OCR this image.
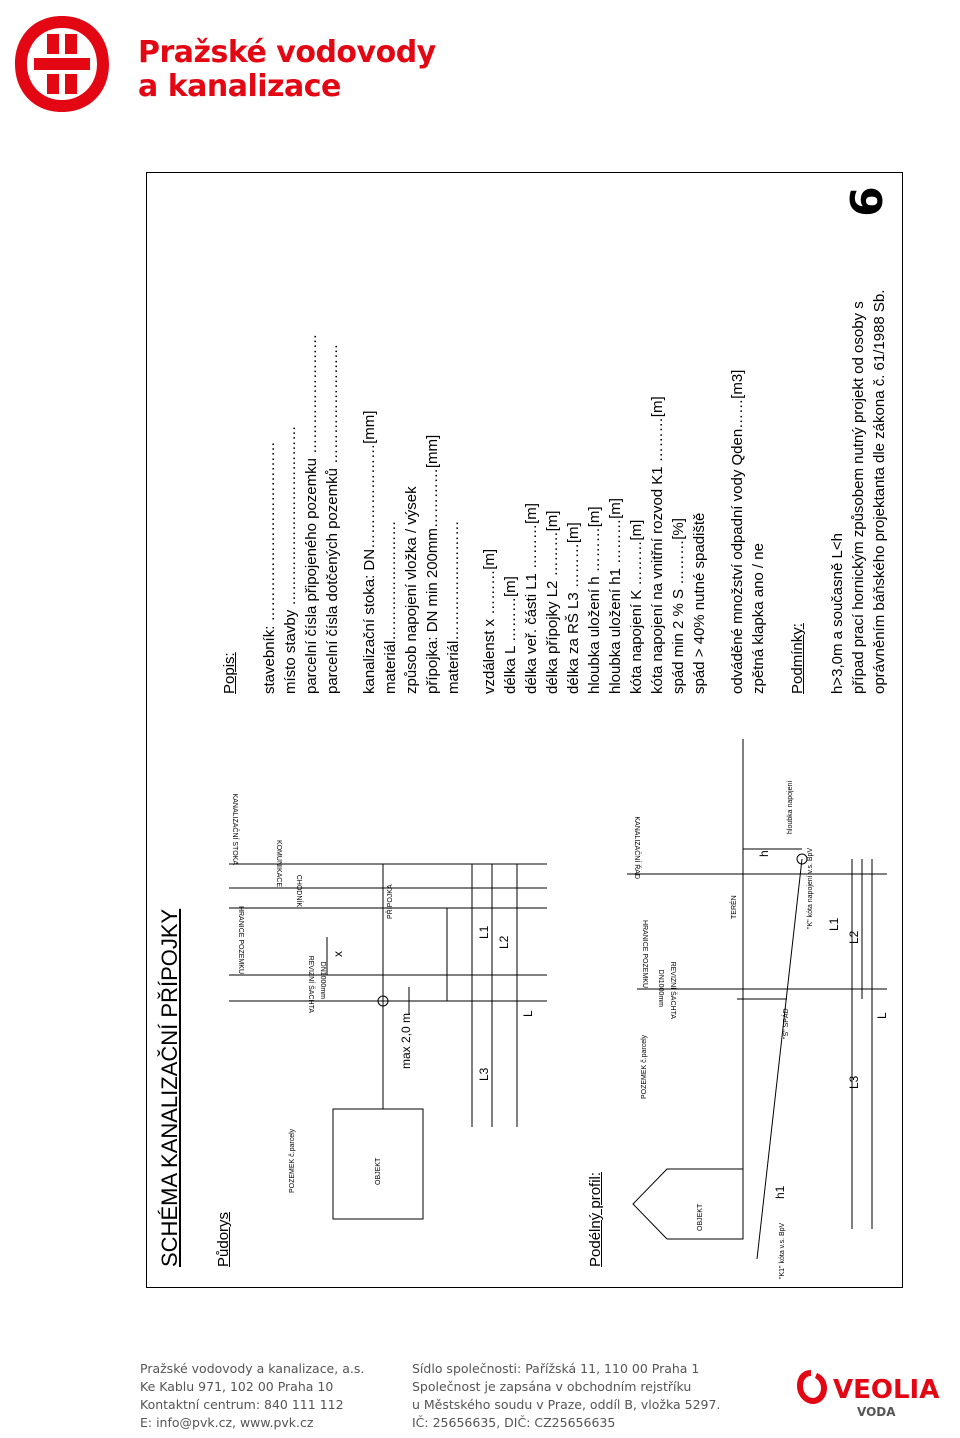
Pražské vodovody
a kanalizace
6
SCHÉMA KANALIZAČNÍ PŘÍPOJKY Půdorys	Podélný profil:
KANALIZAČNÍ STOKA	KOMUNIKACE
CHODNÍK
HRANICE POZEMKU
PŘÍPOJKA
REVIZNÍ ŠACHTA DN1000mm
POZEMEK č.parcely	OBJEKT
max 2,0 m
x
L1
L2
L
L3
KANALIZAČNÍ ŘAD
TERÉN
HRANICE POZEMKU
DN1000mm REVIZNÍ ŠACHTA
"S" SPÁD
POZEMEK č.parcely
OBJEKT
h
hloubka napojení
"K" kóta napojení v.s. BpV
"K1" kóta v.s. BpV
h1
L1
L2
L
L3
Popis: stavebník: ……………………………… místo stavby ……………………………… parcelní čísla připojeného pozemku …………………… parcelní čísla dotčených pozemků …………………… kanalizační stoka: DN…………………[mm] materiál…………………… způsob napojení vložka / výsek přípojka: DN min 200mm…………[mm] materiál…………………… vzdálenst x ………[m] délka L ………[m] délka veř. části L1 ………[m] délka přípojky L2 ………[m] délka za RŠ L3 ………[m] hloubka uložení h ………[m] hloubka uložení h1 ………[m] kóta napojení K ………[m] kóta napojení na vnitřní rozvod K1 ………[m] spád min 2 % S ………[%] spád > 40% nutné spadiště odváděné množství odpadní vody Qden……[m3] zpětná klapka ano / ne Podmínky: h>3,0m a současně L<h případ prací hornickým způsobem nutný projekt od osoby s oprávněním báňského projektanta dle zákona č. 61/1988 Sb.
Pražské vodovody a kanalizace, a.s.
Ke Kablu 971, 102 00 Praha 10
Kontaktní centrum: 840 111 112
E: info@pvk.cz, www.pvk.cz
Sídlo společnosti: Pařížská 11, 110 00 Praha 1
Společnost je zapsána v obchodním rejstříku
u Městského soudu v Praze, oddíl B, vložka 5297.
IČ: 25656635, DIČ: CZ25656635
VEOLIA
VODA
